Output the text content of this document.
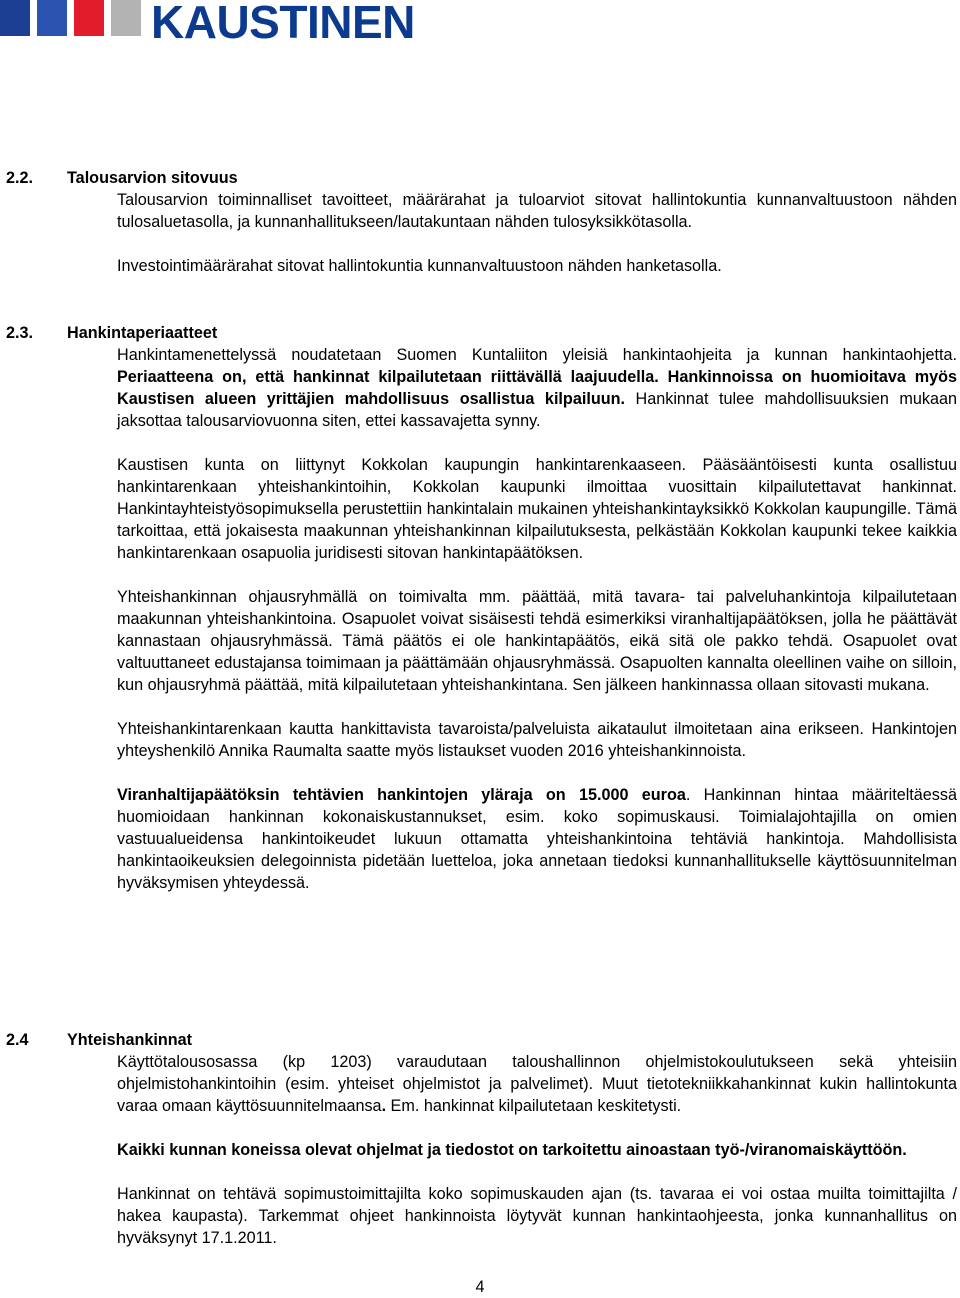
KAUSTINEN
2.2. Talousarvion sitovuus

Talousarvion toiminnalliset tavoitteet, määrärahat ja tuloarviot sitovat hallintokuntia kunnanvaltuustoon nähden tulosaluetasolla, ja kunnanhallitukseen/lautakuntaan nähden tulosyksikkötasolla.

Investointimäärärahat sitovat hallintokuntia kunnanvaltuustoon nähden hanketasolla.

2.3. Hankintaperiaatteet

Hankintamenettelyssä noudatetaan Suomen Kuntaliiton yleisiä hankintaohjeita ja kunnan hankintaohjetta. Periaatteena on, että hankinnat kilpailutetaan riittävällä laajuudella. Hankinnoissa on huomioitava myös Kaustisen alueen yrittäjien mahdollisuus osallistua kilpailuun. Hankinnat tulee mahdollisuuksien mukaan jaksottaa talousarviovuonna siten, ettei kassavajetta synny.

Kaustisen kunta on liittynyt Kokkolan kaupungin hankintarenkaaseen. Pääsääntöisesti kunta osallistuu hankintarenkaan yhteishankintoihin, Kokkolan kaupunki ilmoittaa vuosittain kilpailutettavat hankinnat. Hankintayhteistyösopimuksella perustettiin hankintalain mukainen yhteishankintayksikkö Kokkolan kaupungille. Tämä tarkoittaa, että jokaisesta maakunnan yhteishankinnan kilpailutuksesta, pelkästään Kokkolan kaupunki tekee kaikkia hankintarenkaan osapuolia juridisesti sitovan hankintapäätöksen.

Yhteishankinnan ohjausryhmällä on toimivalta mm. päättää, mitä tavara- tai palveluhankintoja kilpailutetaan maakunnan yhteishankintoina. Osapuolet voivat sisäisesti tehdä esimerkiksi viranhaltijapäätöksen, jolla he päättävät kannastaan ohjausryhmässä. Tämä päätös ei ole hankintapäätös, eikä sitä ole pakko tehdä. Osapuolet ovat valtuuttaneet edustajansa toimimaan ja päättämään ohjausryhmässä. Osapuolten kannalta oleellinen vaihe on silloin, kun ohjausryhmä päättää, mitä kilpailutetaan yhteishankintana. Sen jälkeen hankinnassa ollaan sitovasti mukana.

Yhteishankintarenkaan kautta hankittavista tavaroista/palveluista aikataulut ilmoitetaan aina erikseen. Hankintojen yhteyshenkilö Annika Raumalta saatte myös listaukset vuoden 2016 yhteishankinnoista.

Viranhaltijapäätöksin tehtävien hankintojen yläraja on 15.000 euroa. Hankinnan hintaa määriteltäessä huomioidaan hankinnan kokonaiskustannukset, esim. koko sopimuskausi. Toimialajohtajilla on omien vastuualueidensa hankintoikeudet lukuun ottamatta yhteishankintoina tehtäviä hankintoja. Mahdollisista hankintaoikeuksien delegoinnista pidetään luetteloa, joka annetaan tiedoksi kunnanhallitukselle käyttösuunnitelman hyväksymisen yhteydessä.

2.4 Yhteishankinnat

Käyttötalousosassa (kp 1203) varaudutaan taloushallinnon ohjelmistokoulutukseen sekä yhteisiin ohjelmistohankintoihin (esim. yhteiset ohjelmistot ja palvelimet). Muut tietotekniikkahankinnat kukin hallintokunta varaa omaan käyttösuunnitelmaansa. Em. hankinnat kilpailutetaan keskitetysti.

Kaikki kunnan koneissa olevat ohjelmat ja tiedostot on tarkoitettu ainoastaan työ-/viranomaiskäyttöön.

Hankinnat on tehtävä sopimustoimittajilta koko sopimuskauden ajan (ts. tavaraa ei voi ostaa muilta toimittajilta / hakea kaupasta). Tarkemmat ohjeet hankinnoista löytyvät kunnan hankintaohjeesta, jonka kunnanhallitus on hyväksynyt 17.1.2011.

4
